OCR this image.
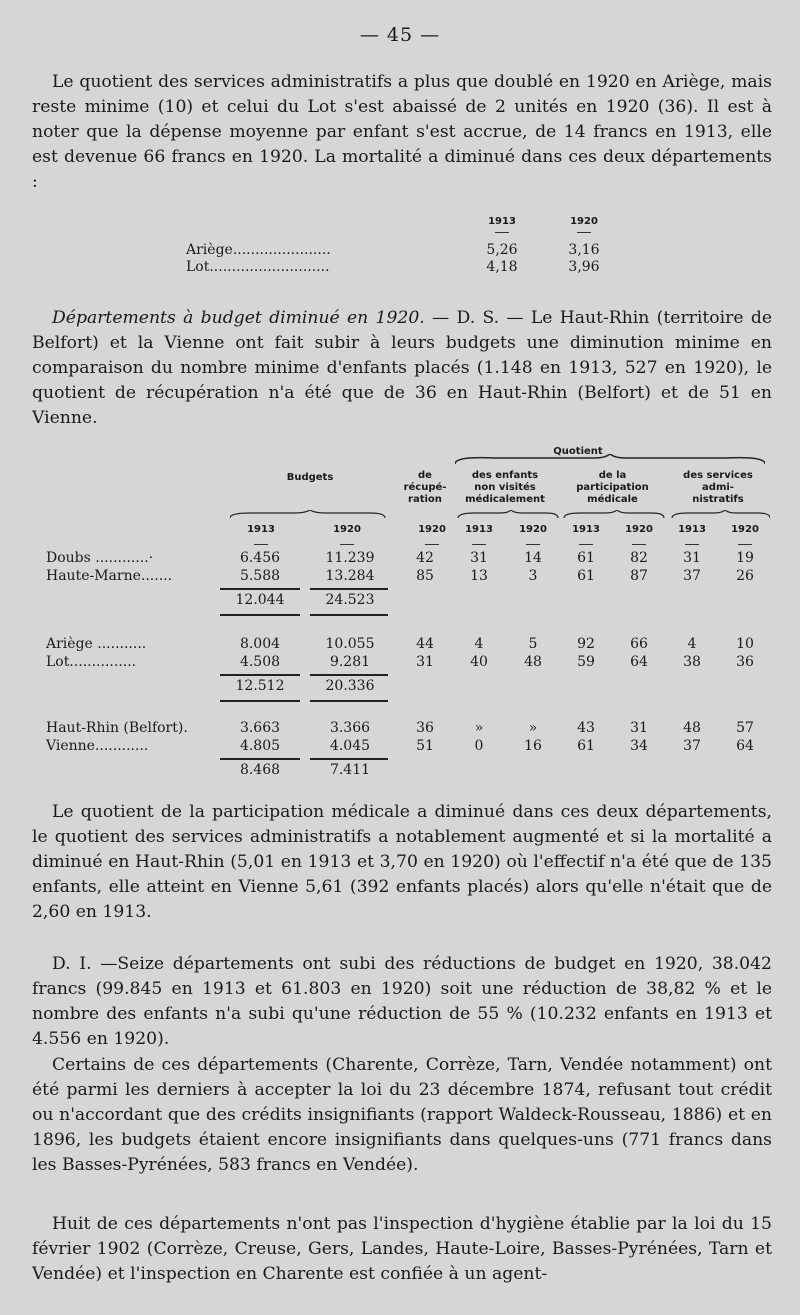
— 45 —

Le quotient des services administratifs a plus que doublé en 1920 en Ariège, mais reste minime (10) et celui du Lot s'est abaissé de 2 unités en 1920 (36). Il est à noter que la dépense moyenne par enfant s'est accrue, de 14 francs en 1913, elle est devenue 66 francs en 1920. La mortalité a diminué dans ces deux départements :

1913	1920
Ariège......................	5,26	3,16
Lot...........................	4,18	3,96

Départements à budget diminué en 1920. — D. S. — Le Haut-Rhin (territoire de Belfort) et la Vienne ont fait subir à leurs budgets une diminution minime en comparaison du nombre minime d'enfants placés (1.148 en 1913, 527 en 1920), le quotient de récupération n'a été que de 36 en Haut-Rhin (Belfort) et de 51 en Vienne.

Quotient
Budgets	de
récupé-
ration
des enfants
non visités
médicalement
de la
participation
médicale
des services
admi-
nistratifs
1913	1920	1920	1913	1920	1913	1920	1913	1920
Doubs ............·	6.456	11.239	42	31	14	61	82	31	19
Haute-Marne.......	5.588	13.284	85	13	3	61	87	37	26
12.044	24.523
Ariège ...........	8.004	10.055	44	4	5	92	66	4	10
Lot...............	4.508	9.281	31	40	48	59	64	38	36
12.512	20.336
Haut-Rhin (Belfort).	3.663	3.366	36	»	»	43	31	48	57
Vienne............	4.805	4.045	51	0	16	61	34	37	64
8.468	7.411

Le quotient de la participation médicale a diminué dans ces deux départements, le quotient des services administratifs a notablement augmenté et si la mortalité a diminué en Haut-Rhin (5,01 en 1913 et 3,70 en 1920) où l'effectif n'a été que de 135 enfants, elle atteint en Vienne 5,61 (392 enfants placés) alors qu'elle n'était que de 2,60 en 1913.

D. I. —Seize départements ont subi des réductions de budget en 1920, 38.042 francs (99.845 en 1913 et 61.803 en 1920) soit une réduction de 38,82 % et le nombre des enfants n'a subi qu'une réduction de 55 % (10.232 enfants en 1913 et 4.556 en 1920).

Certains de ces départements (Charente, Corrèze, Tarn, Vendée notamment) ont été parmi les derniers à accepter la loi du 23 décembre 1874, refusant tout crédit ou n'accordant que des crédits insignifiants (rapport Waldeck-Rousseau, 1886) et en 1896, les budgets étaient encore insignifiants dans quelques-uns (771 francs dans les Basses-Pyrénées, 583 francs en Vendée).

Huit de ces départements n'ont pas l'inspection d'hygiène établie par la loi du 15 février 1902 (Corrèze, Creuse, Gers, Landes, Haute-Loire, Basses-Pyrénées, Tarn et Vendée) et l'inspection en Charente est confiée à un agent-
